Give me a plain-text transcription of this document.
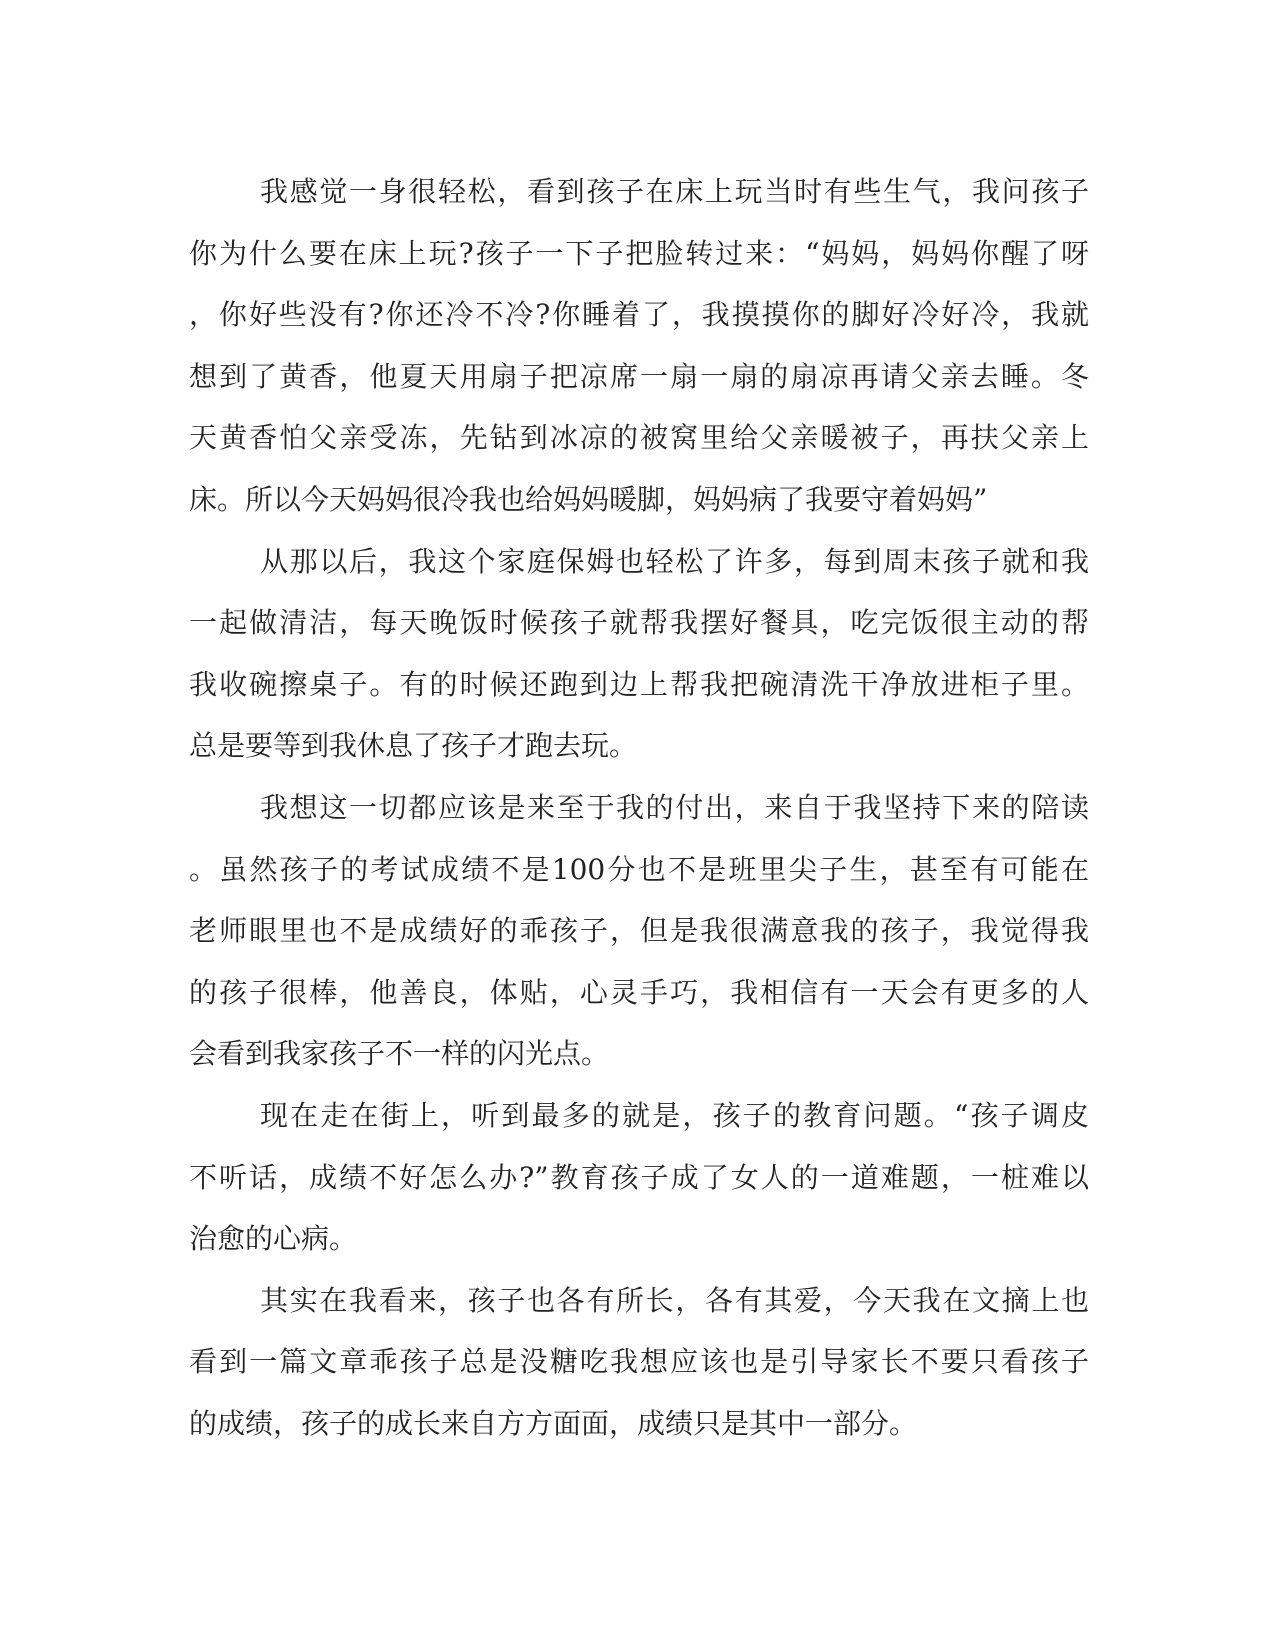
我感觉一身很轻松，看到孩子在床上玩当时有些生气，我问孩子
你为什么要在床上玩?孩子一下子把脸转过来：“妈妈，妈妈你醒了呀
，你好些没有?你还冷不冷?你睡着了，我摸摸你的脚好冷好冷，我就
想到了黄香，他夏天用扇子把凉席一扇一扇的扇凉再请父亲去睡。冬
天黄香怕父亲受冻，先钻到冰凉的被窝里给父亲暖被子，再扶父亲上
床。所以今天妈妈很冷我也给妈妈暖脚，妈妈病了我要守着妈妈”
从那以后，我这个家庭保姆也轻松了许多，每到周末孩子就和我
一起做清洁，每天晚饭时候孩子就帮我摆好餐具，吃完饭很主动的帮
我收碗擦桌子。有的时候还跑到边上帮我把碗清洗干净放进柜子里。
总是要等到我休息了孩子才跑去玩。
我想这一切都应该是来至于我的付出，来自于我坚持下来的陪读
。虽然孩子的考试成绩不是100分也不是班里尖子生，甚至有可能在
老师眼里也不是成绩好的乖孩子，但是我很满意我的孩子，我觉得我
的孩子很棒，他善良，体贴，心灵手巧，我相信有一天会有更多的人
会看到我家孩子不一样的闪光点。
现在走在街上，听到最多的就是，孩子的教育问题。“孩子调皮
不听话，成绩不好怎么办?”教育孩子成了女人的一道难题，一桩难以
治愈的心病。
其实在我看来，孩子也各有所长，各有其爱，今天我在文摘上也
看到一篇文章乖孩子总是没糖吃我想应该也是引导家长不要只看孩子
的成绩，孩子的成长来自方方面面，成绩只是其中一部分。
